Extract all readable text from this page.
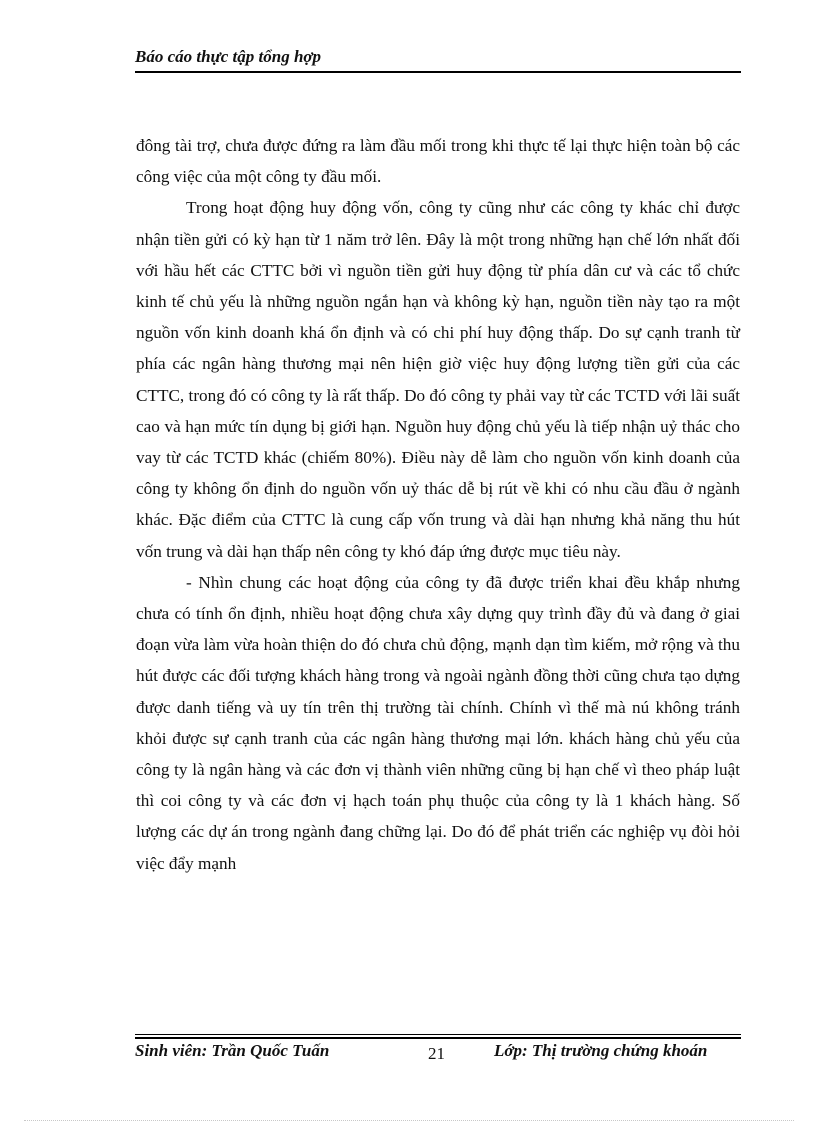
Báo cáo thực tập tổng hợp

đông tài trợ, chưa được đứng ra làm đầu mối trong khi thực tế lại thực hiện toàn bộ các công việc của một công ty đầu mối.

Trong hoạt động huy động vốn, công ty cũng như các công ty khác chỉ được nhận tiền gửi có kỳ hạn từ 1 năm trở lên. Đây là một trong những hạn chế lớn nhất đối với hầu hết các CTTC bởi vì nguồn tiền gửi huy động từ phía dân cư và các tổ chức kinh tế chủ yếu là những nguồn ngắn hạn và không kỳ hạn, nguồn tiền này tạo ra một nguồn vốn kinh doanh khá ổn định và có chi phí huy động thấp. Do sự cạnh tranh từ phía các ngân hàng thương mại nên hiện giờ việc huy động lượng tiền gửi của các CTTC, trong đó có công ty là rất thấp. Do đó công ty phải vay từ các TCTD với lãi suất cao và hạn mức tín dụng bị giới hạn. Nguồn huy động chủ yếu là tiếp nhận uỷ thác cho vay từ các TCTD khác (chiếm 80%). Điều này dễ làm cho nguồn vốn kinh doanh của công ty không ổn định do nguồn vốn uỷ thác dễ bị rút về khi có nhu cầu đầu ở ngành khác. Đặc điểm của CTTC là cung cấp vốn trung và dài hạn nhưng khả năng thu hút vốn trung và dài hạn thấp nên công ty khó đáp ứng được mục tiêu này.

- Nhìn chung các hoạt động của công ty đã được triển khai đều khắp nhưng chưa có tính ổn định, nhiều hoạt động chưa xây dựng quy trình đầy đủ và đang ở giai đoạn vừa làm vừa hoàn thiện do đó chưa chủ động, mạnh dạn tìm kiếm, mở rộng và thu hút được các đối tượng khách hàng trong và ngoài ngành đồng thời cũng chưa tạo dựng được danh tiếng và uy tín trên thị trường tài chính. Chính vì thế mà nú không tránh khỏi được sự cạnh tranh của các ngân hàng thương mại lớn. khách hàng chủ yếu của công ty là ngân hàng và các đơn vị thành viên những cũng bị hạn chế vì theo pháp luật thì coi công ty và các đơn vị hạch toán phụ thuộc của công ty là 1 khách hàng. Số lượng các dự án trong ngành đang chững lại. Do đó để phát triển các nghiệp vụ đòi hỏi việc đẩy mạnh

Sinh viên: Trần Quốc Tuấn	21	Lớp: Thị trường chứng khoán
